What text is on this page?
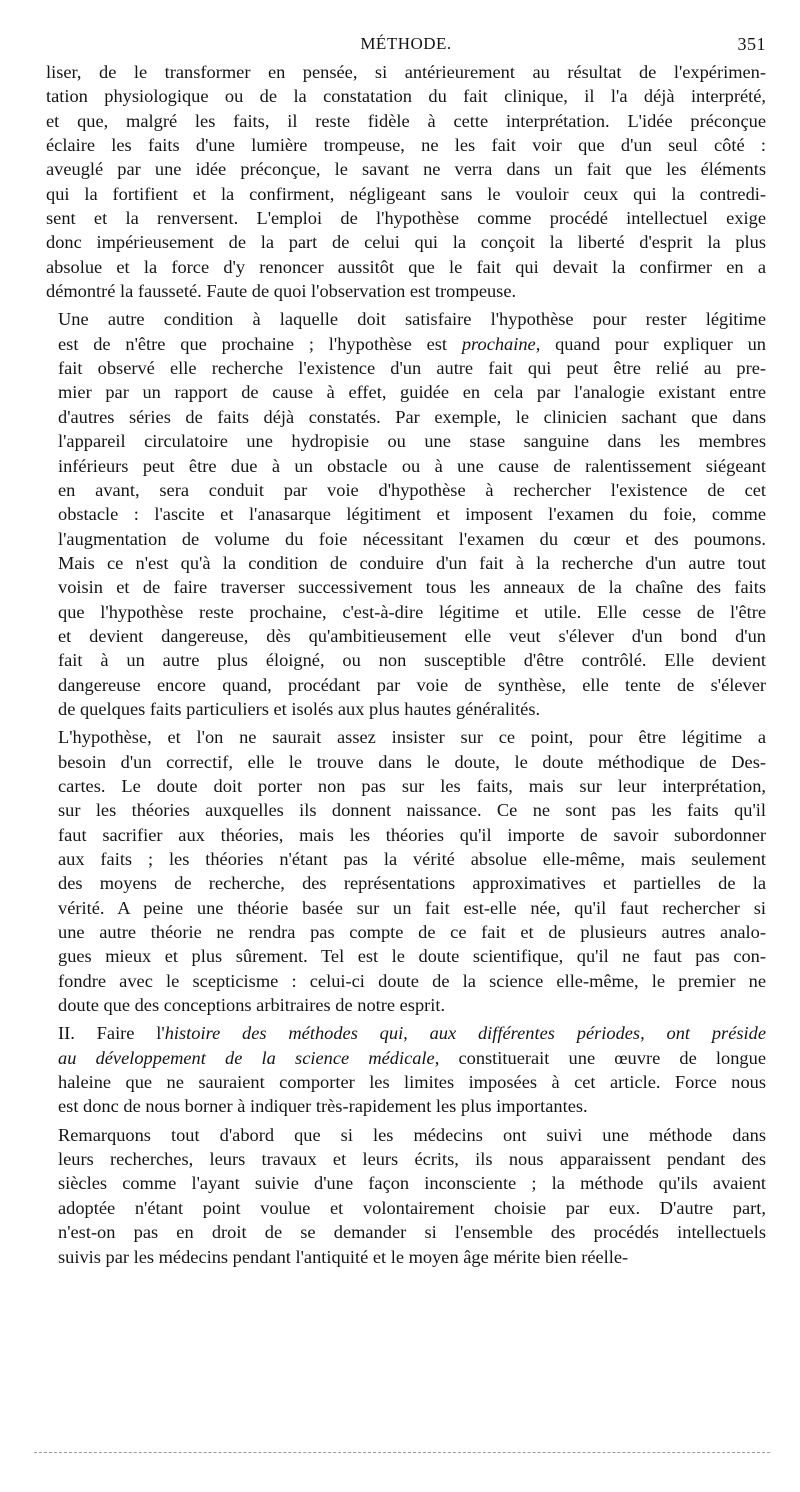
MÉTHODE.	351
liser, de le transformer en pensée, si antérieurement au résultat de l'expérimen-
tation physiologique ou de la constatation du fait clinique, il l'a déjà interprété,
et que, malgré les faits, il reste fidèle à cette interprétation. L'idée préconçue
éclaire les faits d'une lumière trompeuse, ne les fait voir que d'un seul côté :
aveuglé par une idée préconçue, le savant ne verra dans un fait que les éléments
qui la fortifient et la confirment, négligeant sans le vouloir ceux qui la contredi-
sent et la renversent. L'emploi de l'hypothèse comme procédé intellectuel exige
donc impérieusement de la part de celui qui la conçoit la liberté d'esprit la plus
absolue et la force d'y renoncer aussitôt que le fait qui devait la confirmer en a
démontré la fausseté. Faute de quoi l'observation est trompeuse.
Une autre condition à laquelle doit satisfaire l'hypothèse pour rester légitime
est de n'être que prochaine ; l'hypothèse est prochaine, quand pour expliquer un
fait observé elle recherche l'existence d'un autre fait qui peut être relié au pre-
mier par un rapport de cause à effet, guidée en cela par l'analogie existant entre
d'autres séries de faits déjà constatés. Par exemple, le clinicien sachant que dans
l'appareil circulatoire une hydropisie ou une stase sanguine dans les membres
inférieurs peut être due à un obstacle ou à une cause de ralentissement siégeant
en avant, sera conduit par voie d'hypothèse à rechercher l'existence de cet
obstacle : l'ascite et l'anasarque légitiment et imposent l'examen du foie, comme
l'augmentation de volume du foie nécessitant l'examen du cœur et des poumons.
Mais ce n'est qu'à la condition de conduire d'un fait à la recherche d'un autre tout
voisin et de faire traverser successivement tous les anneaux de la chaîne des faits
que l'hypothèse reste prochaine, c'est-à-dire légitime et utile. Elle cesse de l'être
et devient dangereuse, dès qu'ambitieusement elle veut s'élever d'un bond d'un
fait à un autre plus éloigné, ou non susceptible d'être contrôlé. Elle devient
dangereuse encore quand, procédant par voie de synthèse, elle tente de s'élever
de quelques faits particuliers et isolés aux plus hautes généralités.
L'hypothèse, et l'on ne saurait assez insister sur ce point, pour être légitime a
besoin d'un correctif, elle le trouve dans le doute, le doute méthodique de Des-
cartes. Le doute doit porter non pas sur les faits, mais sur leur interprétation,
sur les théories auxquelles ils donnent naissance. Ce ne sont pas les faits qu'il
faut sacrifier aux théories, mais les théories qu'il importe de savoir subordonner
aux faits ; les théories n'étant pas la vérité absolue elle-même, mais seulement
des moyens de recherche, des représentations approximatives et partielles de la
vérité. A peine une théorie basée sur un fait est-elle née, qu'il faut rechercher si
une autre théorie ne rendra pas compte de ce fait et de plusieurs autres analo-
gues mieux et plus sûrement. Tel est le doute scientifique, qu'il ne faut pas con-
fondre avec le scepticisme : celui-ci doute de la science elle-même, le premier ne
doute que des conceptions arbitraires de notre esprit.
II. Faire l'histoire des méthodes qui, aux différentes périodes, ont préside
au développement de la science médicale, constituerait une œuvre de longue
haleine que ne sauraient comporter les limites imposées à cet article. Force nous
est donc de nous borner à indiquer très-rapidement les plus importantes.
Remarquons tout d'abord que si les médecins ont suivi une méthode dans
leurs recherches, leurs travaux et leurs écrits, ils nous apparaissent pendant des
siècles comme l'ayant suivie d'une façon inconsciente ; la méthode qu'ils avaient
adoptée n'étant point voulue et volontairement choisie par eux. D'autre part,
n'est-on pas en droit de se demander si l'ensemble des procédés intellectuels
suivis par les médecins pendant l'antiquité et le moyen âge mérite bien réelle-
